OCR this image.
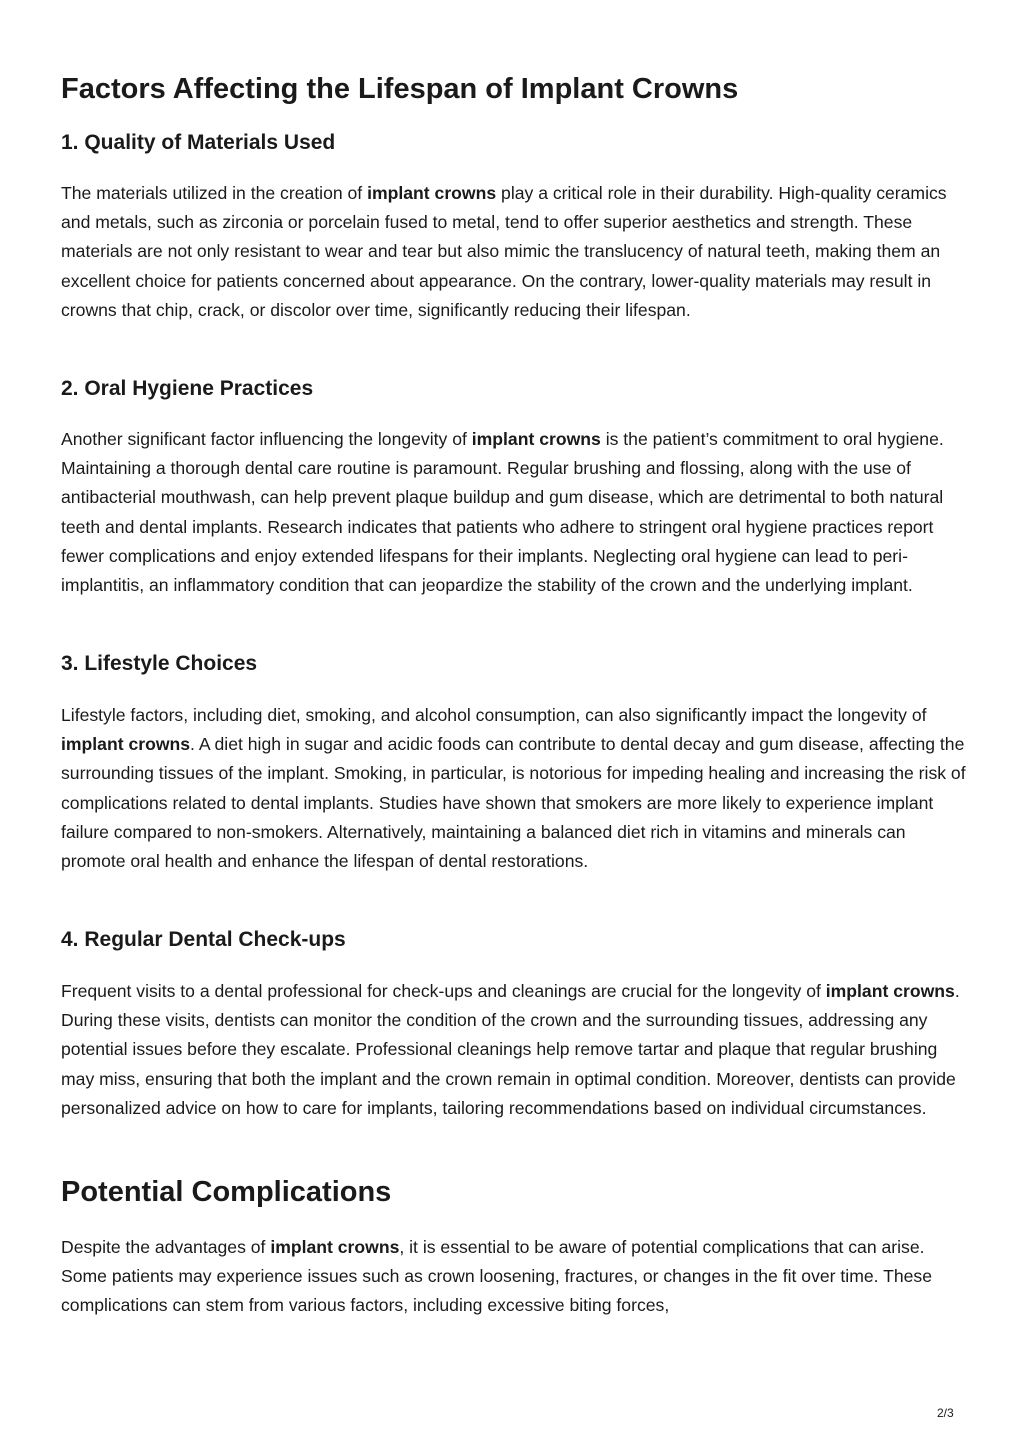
Factors Affecting the Lifespan of Implant Crowns
1. Quality of Materials Used

The materials utilized in the creation of implant crowns play a critical role in their durability. High-quality ceramics and metals, such as zirconia or porcelain fused to metal, tend to offer superior aesthetics and strength. These materials are not only resistant to wear and tear but also mimic the translucency of natural teeth, making them an excellent choice for patients concerned about appearance. On the contrary, lower-quality materials may result in crowns that chip, crack, or discolor over time, significantly reducing their lifespan.

2. Oral Hygiene Practices

Another significant factor influencing the longevity of implant crowns is the patient’s commitment to oral hygiene. Maintaining a thorough dental care routine is paramount. Regular brushing and flossing, along with the use of antibacterial mouthwash, can help prevent plaque buildup and gum disease, which are detrimental to both natural teeth and dental implants. Research indicates that patients who adhere to stringent oral hygiene practices report fewer complications and enjoy extended lifespans for their implants. Neglecting oral hygiene can lead to peri-implantitis, an inflammatory condition that can jeopardize the stability of the crown and the underlying implant.

3. Lifestyle Choices

Lifestyle factors, including diet, smoking, and alcohol consumption, can also significantly impact the longevity of implant crowns. A diet high in sugar and acidic foods can contribute to dental decay and gum disease, affecting the surrounding tissues of the implant. Smoking, in particular, is notorious for impeding healing and increasing the risk of complications related to dental implants. Studies have shown that smokers are more likely to experience implant failure compared to non-smokers. Alternatively, maintaining a balanced diet rich in vitamins and minerals can promote oral health and enhance the lifespan of dental restorations.

4. Regular Dental Check-ups

Frequent visits to a dental professional for check-ups and cleanings are crucial for the longevity of implant crowns. During these visits, dentists can monitor the condition of the crown and the surrounding tissues, addressing any potential issues before they escalate. Professional cleanings help remove tartar and plaque that regular brushing may miss, ensuring that both the implant and the crown remain in optimal condition. Moreover, dentists can provide personalized advice on how to care for implants, tailoring recommendations based on individual circumstances.

Potential Complications

Despite the advantages of implant crowns, it is essential to be aware of potential complications that can arise. Some patients may experience issues such as crown loosening, fractures, or changes in the fit over time. These complications can stem from various factors, including excessive biting forces,

2/3
